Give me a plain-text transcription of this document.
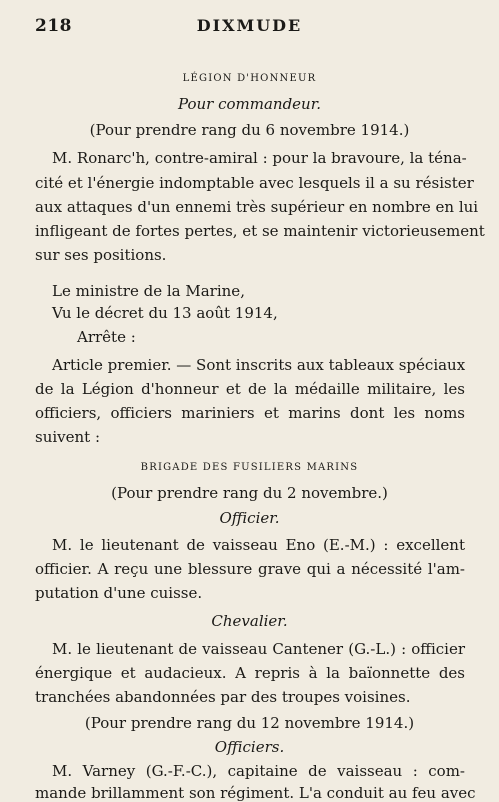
218	DIXMUDE
LÉGION D'HONNEUR
Pour commandeur.
(Pour prendre rang du 6 novembre 1914.)
M. Ronarc'h, contre-amiral : pour la bravoure, la téna-
cité et l'énergie indomptable avec lesquels il a su résister
aux attaques d'un ennemi très supérieur en nombre en lui
infligeant de fortes pertes, et se maintenir victorieusement
sur ses positions.
Le ministre de la Marine,
Vu le décret du 13 août 1914,
Arrête :
Article premier. — Sont inscrits aux tableaux spéciaux
de la Légion d'honneur et de la médaille militaire, les
officiers, officiers mariniers et marins dont les noms
suivent :
BRIGADE DES FUSILIERS MARINS
(Pour prendre rang du 2 novembre.)
Officier.
M. le lieutenant de vaisseau Eno (E.-M.) : excellent
officier. A reçu une blessure grave qui a nécessité l'am-
putation d'une cuisse.
Chevalier.
M. le lieutenant de vaisseau Cantener (G.-L.) : officier
énergique et audacieux. A repris à la baïonnette des
tranchées abandonnées par des troupes voisines.
(Pour prendre rang du 12 novembre 1914.)
Officiers.
M. Varney (G.-F.-C.), capitaine de vaisseau : com-
mande brillamment son régiment. L'a conduit au feu avec
